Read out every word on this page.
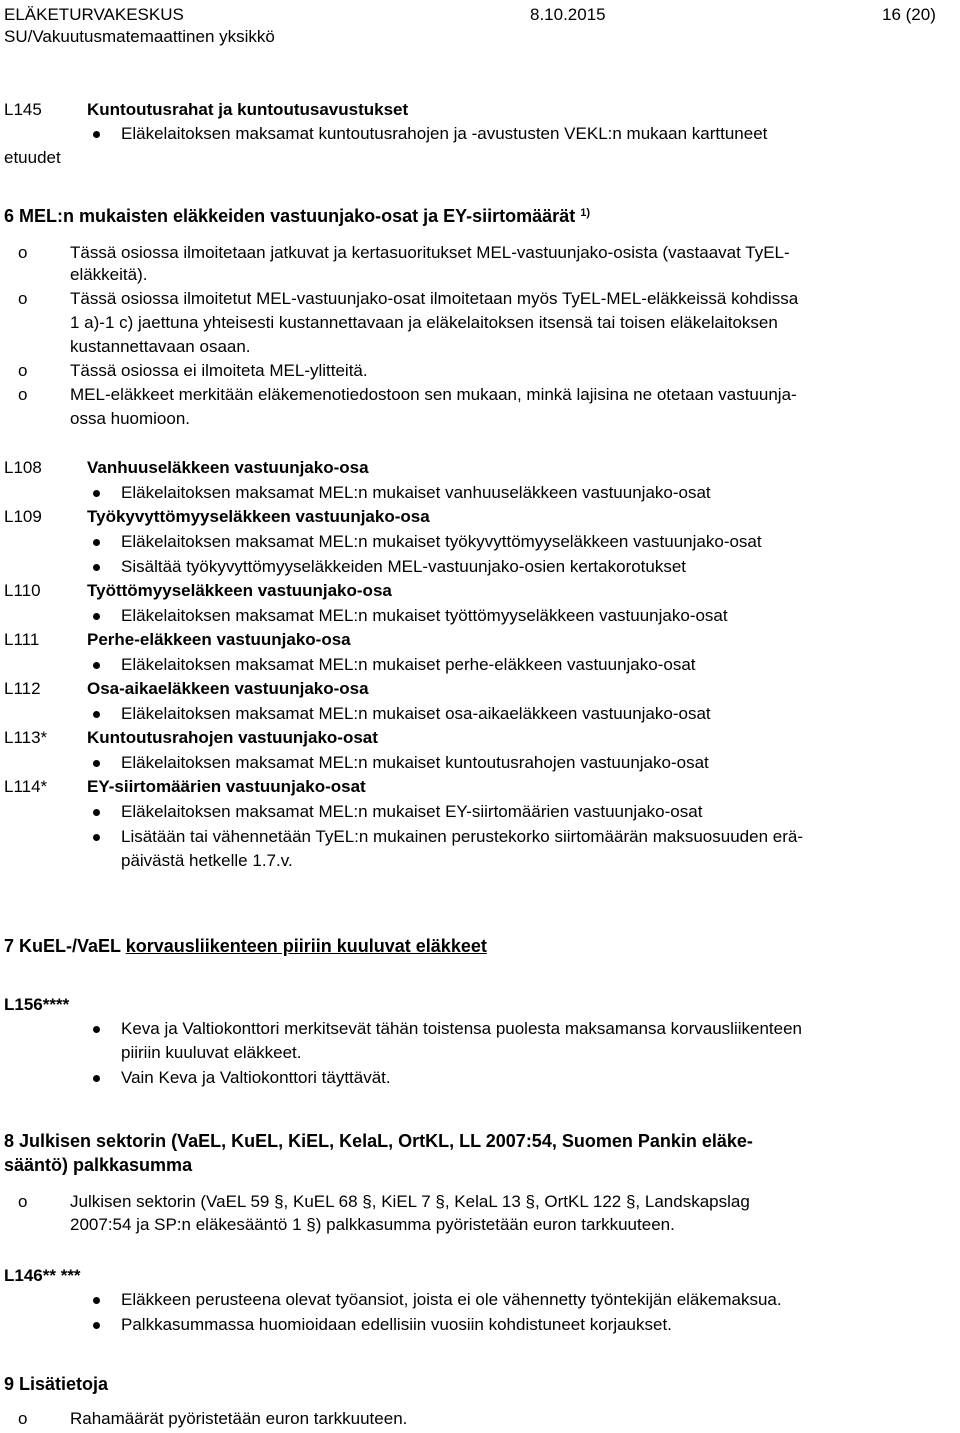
ELÄKETURVAKESKUS	8.10.2015	16 (20)
SU/Vakuutusmatemaattinen yksikkö
L145	Kuntoutusrahat ja kuntoutusavustukset
Eläkelaitoksen maksamat kuntoutusrahojen ja -avustusten VEKL:n mukaan karttuneet
etuudet
6 MEL:n mukaisten eläkkeiden vastuunjako-osat ja EY-siirtomäärät $^{1)}$
o	Tässä osiossa ilmoitetaan jatkuvat ja kertasuoritukset MEL-vastuunjako-osista (vastaavat TyEL-
eläkkeitä).
o	Tässä osiossa ilmoitetut MEL-vastuunjako-osat ilmoitetaan myös TyEL-MEL-eläkkeissä kohdissa
1 a)-1 c) jaettuna yhteisesti kustannettavaan ja eläkelaitoksen itsensä tai toisen eläkelaitoksen
kustannettavaan osaan.
o	Tässä osiossa ei ilmoiteta MEL-ylitteitä.
o	MEL-eläkkeet merkitään eläkemenotiedostoon sen mukaan, minkä lajisina ne otetaan vastuunja-
ossa huomioon.
L108	Vanhuuseläkkeen vastuunjako-osa
Eläkelaitoksen maksamat MEL:n mukaiset vanhuuseläkkeen vastuunjako-osat
L109	Työkyvyttömyyseläkkeen vastuunjako-osa
Eläkelaitoksen maksamat MEL:n mukaiset työkyvyttömyyseläkkeen vastuunjako-osat
Sisältää työkyvyttömyyseläkkeiden MEL-vastuunjako-osien kertakorotukset
L110	Työttömyyseläkkeen vastuunjako-osa
Eläkelaitoksen maksamat MEL:n mukaiset työttömyyseläkkeen vastuunjako-osat
L111	Perhe-eläkkeen vastuunjako-osa
Eläkelaitoksen maksamat MEL:n mukaiset perhe-eläkkeen vastuunjako-osat
L112	Osa-aikaeläkkeen vastuunjako-osa
Eläkelaitoksen maksamat MEL:n mukaiset osa-aikaeläkkeen vastuunjako-osat
L113* Kuntoutusrahojen vastuunjako-osat
Eläkelaitoksen maksamat MEL:n mukaiset kuntoutusrahojen vastuunjako-osat
L114* EY-siirtomäärien vastuunjako-osat
Eläkelaitoksen maksamat MEL:n mukaiset EY-siirtomäärien vastuunjako-osat
Lisätään tai vähennetään TyEL:n mukainen perustekorko siirtomäärän maksuosuuden erä-
päivästä hetkelle 1.7.v.
7 KuEL-/VaEL korvausliikenteen piiriin kuuluvat eläkkeet
L156****
Keva ja Valtiokonttori merkitsevät tähän toistensa puolesta maksamansa korvausliikenteen
piiriin kuuluvat eläkkeet.
Vain Keva ja Valtiokonttori täyttävät.
8 Julkisen sektorin (VaEL, KuEL, KiEL, KelaL, OrtKL, LL 2007:54, Suomen Pankin eläke-
sääntö) palkkasumma
o	Julkisen sektorin (VaEL 59 §, KuEL 68 §, KiEL 7 §, KelaL 13 §, OrtKL 122 §, Landskapslag
2007:54 ja SP:n eläkesääntö 1 §) palkkasumma pyöristetään euron tarkkuuteen.
L146** ***
Eläkkeen perusteena olevat työansiot, joista ei ole vähennetty työntekijän eläkemaksua.
Palkkasummassa huomioidaan edellisiin vuosiin kohdistuneet korjaukset.
9 Lisätietoja
o	Rahamäärät pyöristetään euron tarkkuuteen.
